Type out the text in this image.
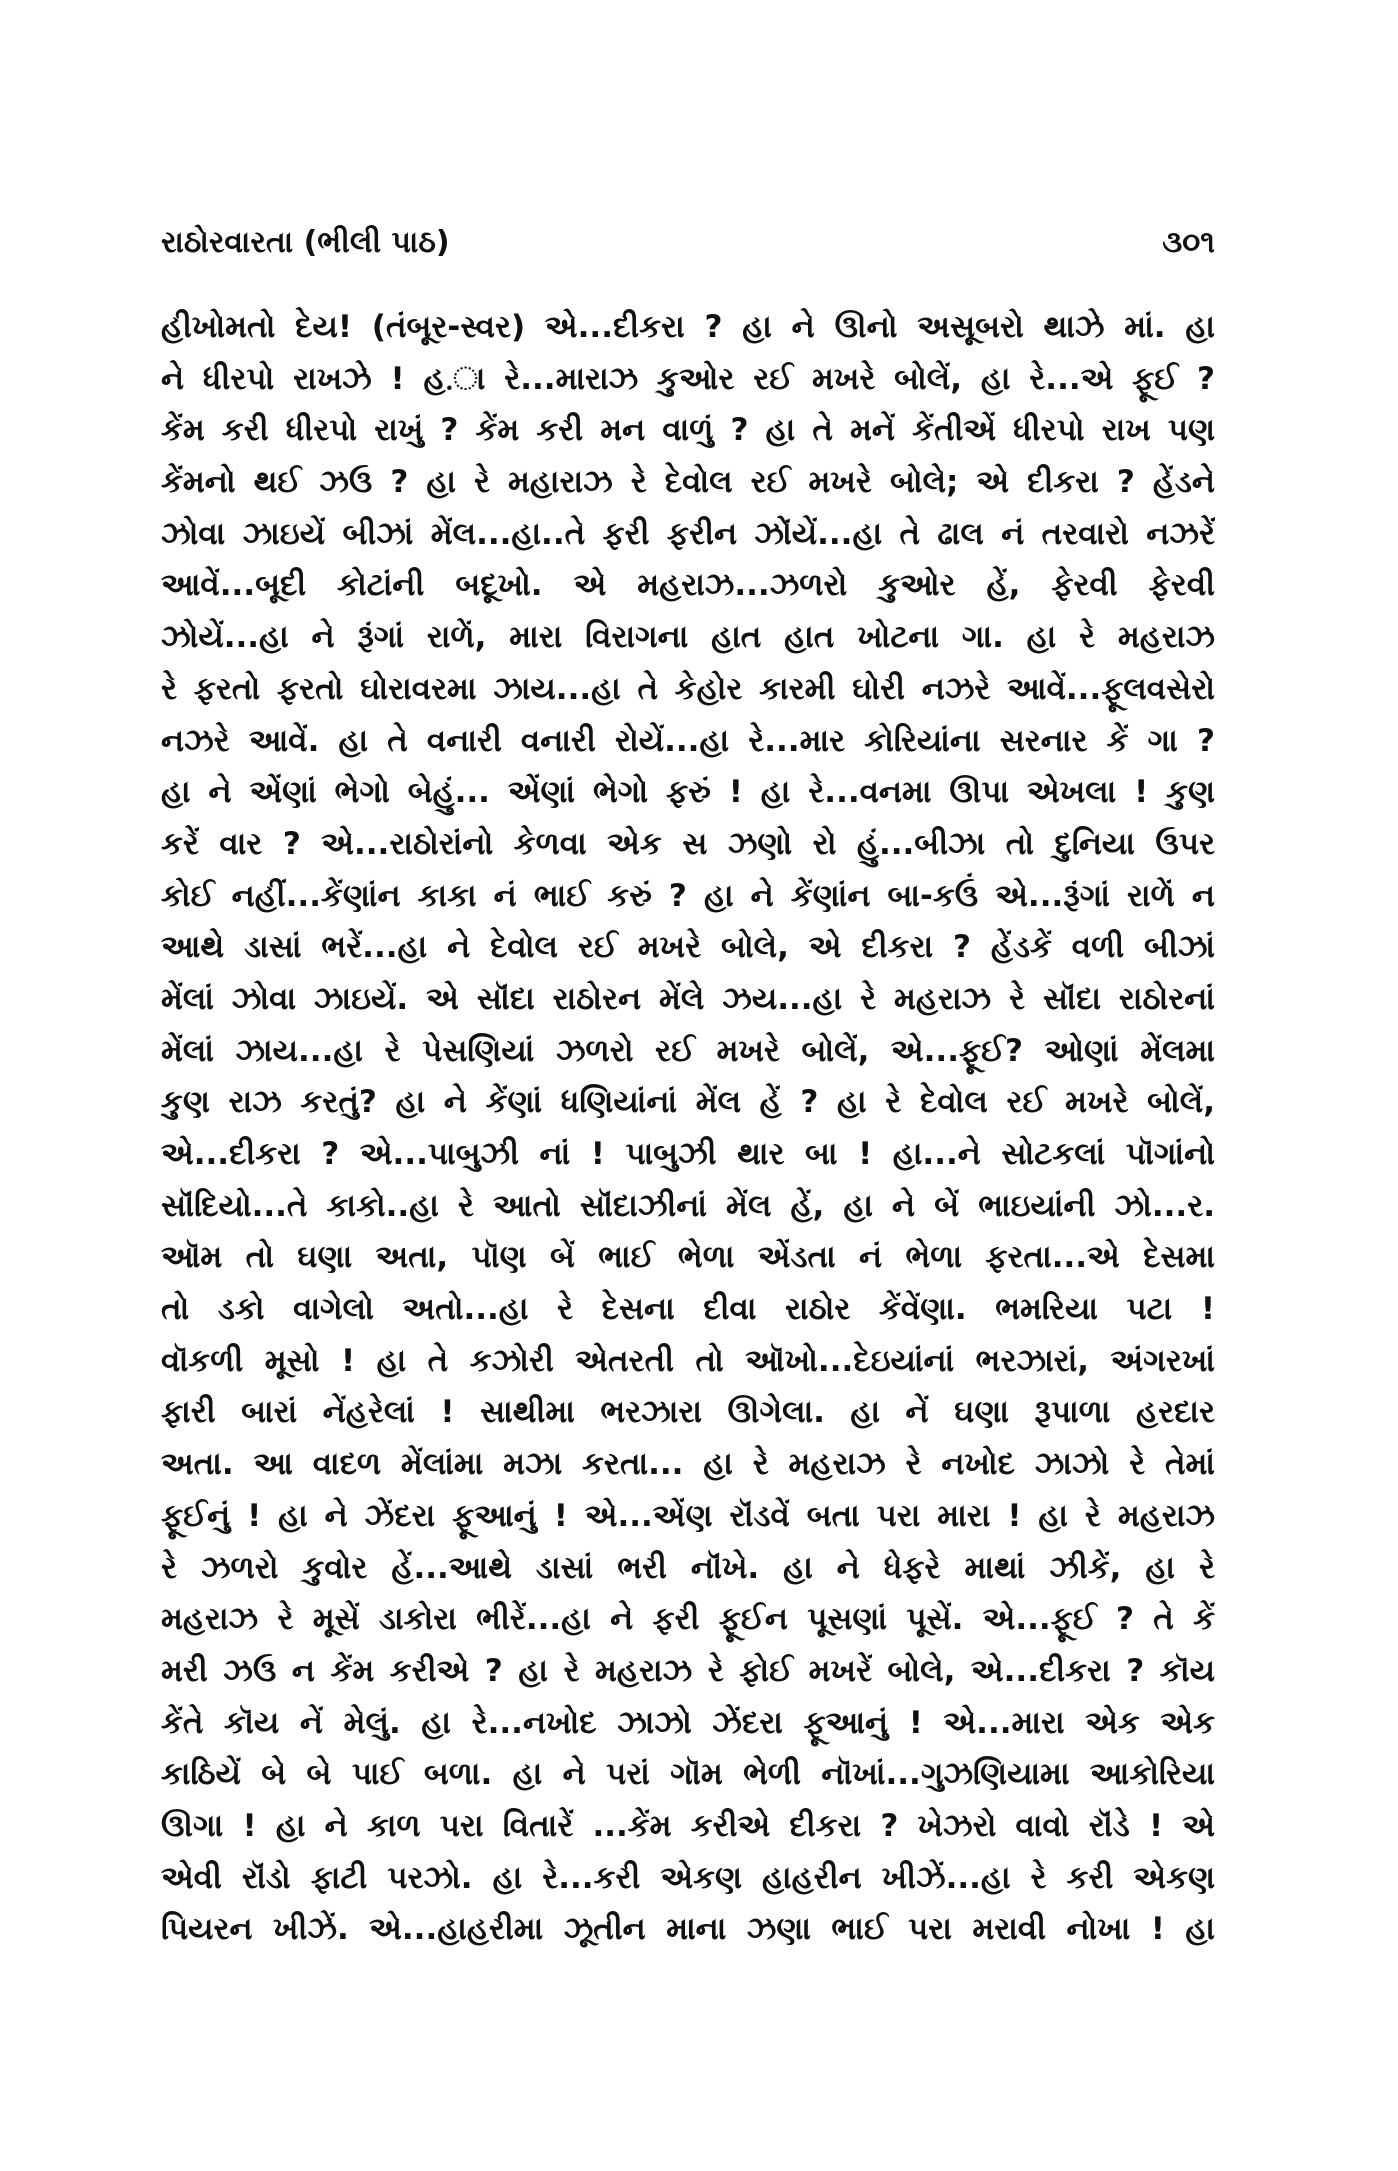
રાઠોરવારતા (ભીલી પાઠ)	૩૦૧
હીખોમતો દેય! (તંબૂર-સ્વર) એ...દીકરા ? હા ને ઊનો અસૂબરો થાઝે માં. હા
ને ધીરપો રાખઝે ! હ.ા રે...મારાઝ કુઓર રઈ મખરે બોલેં, હા રે...એ ફૂઈ ?
કેંમ કરી ધીરપો રાખું ? કેંમ કરી મન વાળું ? હા તે મનેં કેંતીએં ધીરપો રાખ પણ
કેંમનો થઈ ઝઉ ? હા રે મહારાઝ રે દેવોલ રઈ મખરે બોલે; એ દીકરા ? હેંડને
ઝોવા ઝાઇયેં બીઝાં મેંલ...હા..તે ફરી ફરીન ઝોંયેં...હા તે ઢાલ નં તરવારો નઝરેં
આવેં...બૂદી કોટાંની બદૂખો. એ મહરાઝ...ઝળરો કુઓર હેં, ફેરવી ફેરવી
ઝોયેં...હા ને રૂંગાં રાળેં, મારા વિરાગના હાત હાત ખોટના ગા. હા રે મહરાઝ
રે ફરતો ફરતો ઘોરાવરમા ઝાય...હા તે કેહોર કારમી ઘોરી નઝરે આવેં...ફૂલવસેરો
નઝરે આવેં. હા તે વનારી વનારી રોયેં...હા રે...માર કોરિયાંના સરનાર કેં ગા ?
હા ને એંણાં ભેગો બેહું... એંણાં ભેગો ફરું ! હા રે...વનમા ઊપા એખલા ! કુણ
કરેં વાર ? એ...રાઠોરાંનો કેળવા એક સ ઝણો રો હું...બીઝા તો દુનિયા ઉપર
કોઈ નહીં...કેંણાંન કાકા નં ભાઈ કરું ? હા ને કેંણાંન બા-કઉં એ...રૂંગાં રાળેં ન
આથે ડાસાં ભરેં...હા ને દેવોલ રઈ મખરે બોલે, એ દીકરા ? હેંડકેં વળી બીઝાં
મેંલાં ઝોવા ઝાઇયેં. એ સૉંદા રાઠોરન મેંલે ઝય...હા રે મહરાઝ રે સૉંદા રાઠોરનાં
મેંલાં ઝાય...હા રે પેસણિયાં ઝળરો રઈ મખરે બોલેં, એ...ફૂઈ? ઓણાં મેંલમા
કુણ રાઝ કરતું? હા ને કેંણાં ધણિયાંનાં મેંલ હેં ? હા રે દેવોલ રઈ મખરે બોલેં,
એ...દીકરા ? એ...પાબુઝી નાં ! પાબુઝી થાર બા ! હા...ને સોટકલાં પૉગાંનો
સૉંદિયો...તે કાકો..હા રે આતો સૉંદાઝીનાં મેંલ હેં, હા ને બેં ભાઇયાંની ઝો...ર.
ઑમ તો ઘણા અતા, પૉણ બેં ભાઈ ભેળા એંડતા નં ભેળા ફરતા...એ દેસમા
તો ડકો વાગેલો અતો...હા રે દેસના દીવા રાઠોર કેંવેંણા. ભમરિયા પટા !
વૉકળી મૂસો ! હા તે કઝોરી એતરતી તો ઑખો...દેઇયાંનાં ભરઝારાં, અંગરખાં
ફારી બારાં નેંહરેલાં ! સાથીમા ભરઝારા ઊગેલા. હા નેં ઘણા રૂપાળા હરદાર
અતા. આ વાદળ મેંલાંમા મઝા કરતા... હા રે મહરાઝ રે નખોદ ઝાઝો રે તેમાં
ફૂઈનું ! હા ને ઝેંદરા ફૂઆનું ! એ...એંણ રૉંડવેં બતા પરા મારા ! હા રે મહરાઝ
રે ઝળરો કુવોર હેં...આથે ડાસાં ભરી નૉંખે. હા ને ધેફરે માથાં ઝીકેં, હા રે
મહરાઝ રે મૂસેં ડાકોરા ભીરેં...હા ને ફરી ફૂઈન પૂસણાં પૂસેં. એ...ફૂઈ ? તે કેં
મરી ઝઉ ન કેંમ કરીએ ? હા રે મહરાઝ રે ફોઈ મખરેં બોલે, એ...દીકરા ? કૉય
કેંતે કૉય નેં મેલું. હા રે...નખોદ ઝાઝો ઝેંદરા ફૂઆનું ! એ...મારા એક એક
કાઠિયેં બે બે પાઈ બળા. હા ને પરાં ગૉમ ભેળી નૉખાં...ગુઝણિયામા આકોરિયા
ઊગા ! હા ને કાળ પરા વિતારેં ...કેંમ કરીએ દીકરા ? ખેઝરો વાવો રૉંડે ! એ
એવી રૉંડો ફાટી પરઝો. હા રે...કરી એકણ હાહરીન ખીઝેં...હા રે કરી એકણ
પિયરન ખીઝેં. એ...હાહરીમા ઝૂતીન માના ઝણા ભાઈ પરા મરાવી નોખા ! હા
